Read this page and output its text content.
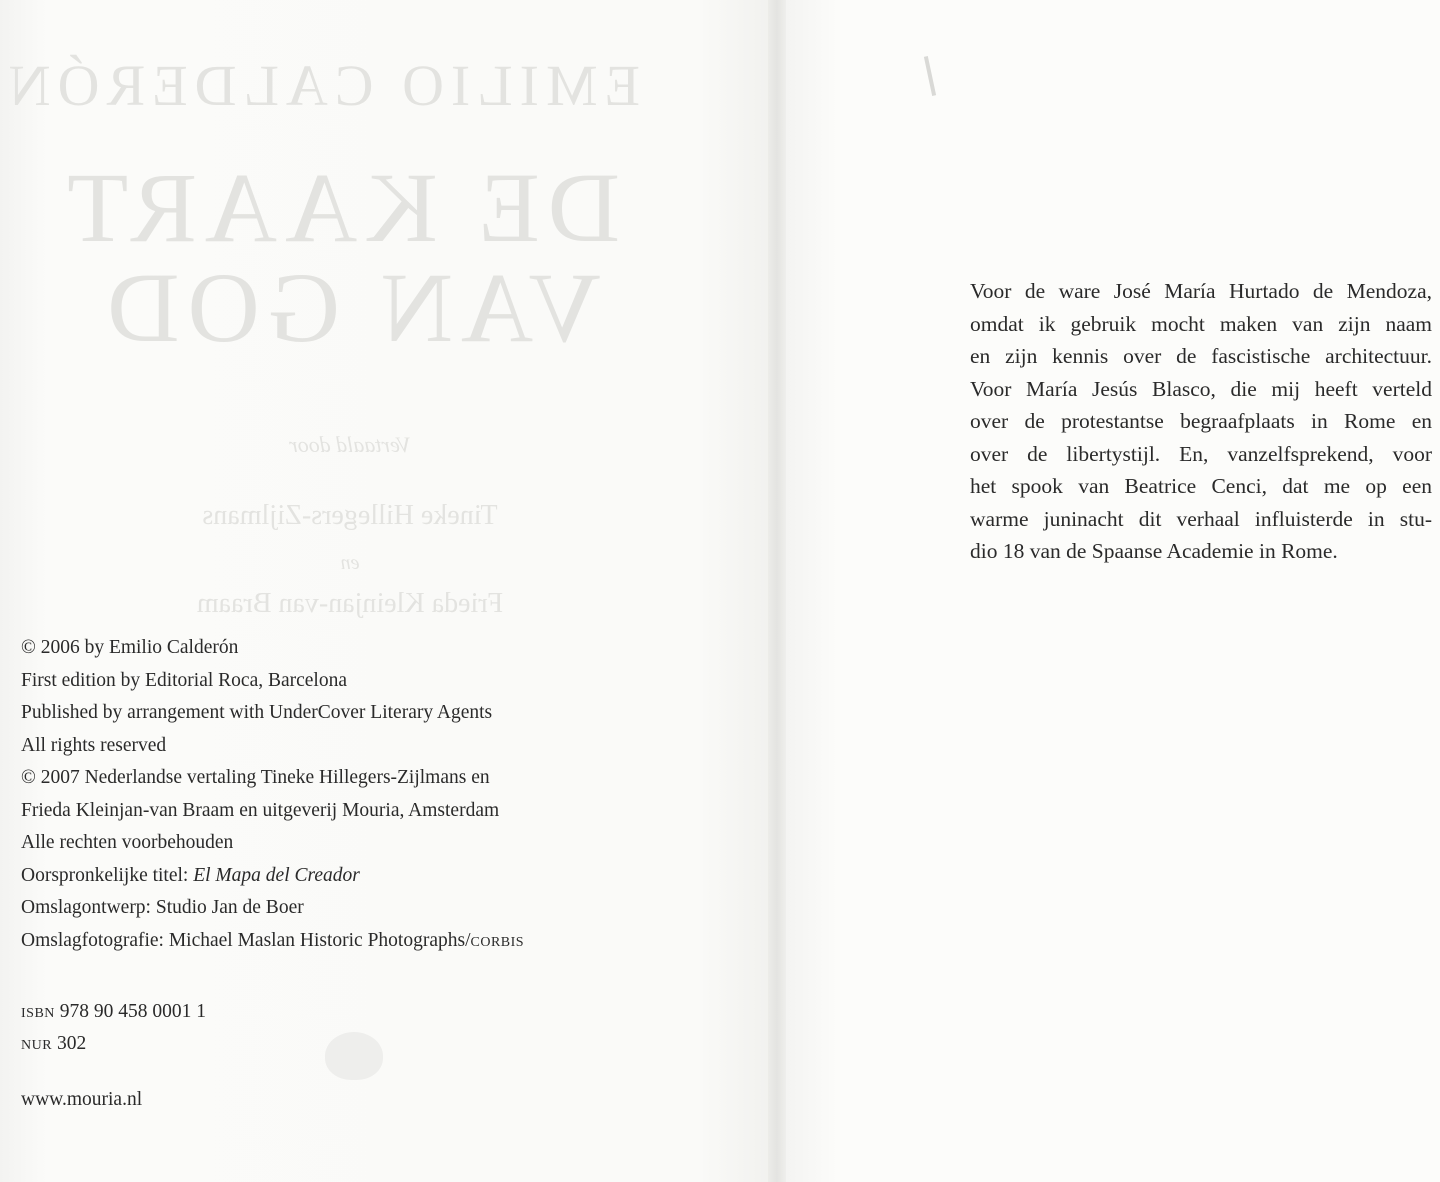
EMILIO CALDERÓN
DE KAART
VAN GOD
Vertaald door
Tineke Hillegers-Zijlmans
en
Frieda Kleinjan-van Braam
© 2006 by Emilio Calderón
First edition by Editorial Roca, Barcelona
Published by arrangement with UnderCover Literary Agents
All rights reserved
© 2007 Nederlandse vertaling Tineke Hillegers-Zijlmans en
Frieda Kleinjan-van Braam en uitgeverij Mouria, Amsterdam
Alle rechten voorbehouden
Oorspronkelijke titel: El Mapa del Creador
Omslagontwerp: Studio Jan de Boer
Omslagfotografie: Michael Maslan Historic Photographs/corbis
isbn 978 90 458 0001 1
nur 302
www.mouria.nl
Voor de ware José María Hurtado de Mendoza,
omdat ik gebruik mocht maken van zijn naam
en zijn kennis over de fascistische architectuur.
Voor María Jesús Blasco, die mij heeft verteld
over de protestantse begraafplaats in Rome en
over de libertystijl. En, vanzelfsprekend, voor
het spook van Beatrice Cenci, dat me op een
warme juninacht dit verhaal influisterde in stu-
dio 18 van de Spaanse Academie in Rome.
